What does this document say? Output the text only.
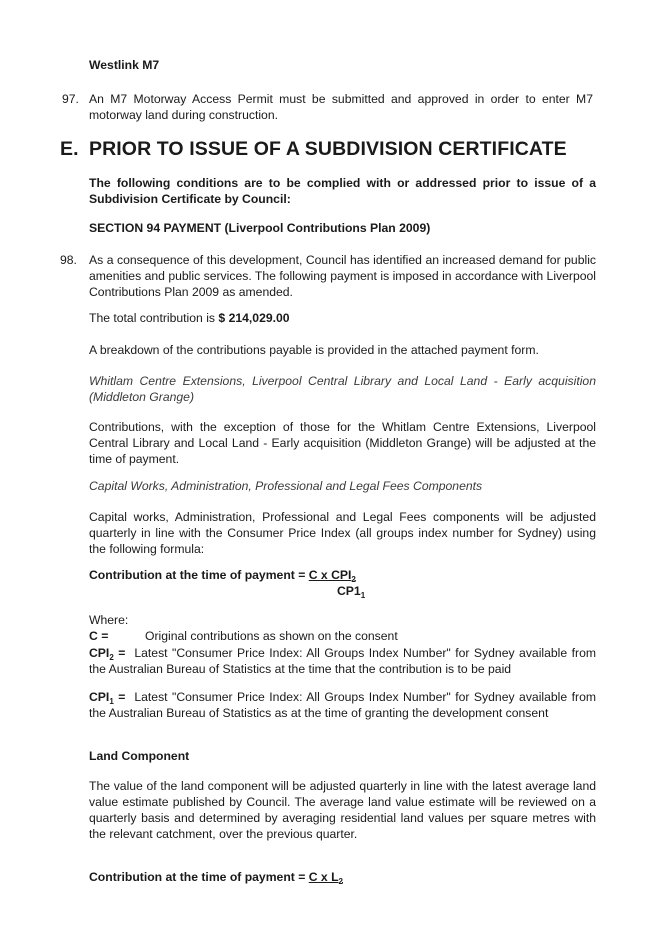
Westlink M7
97. An M7 Motorway Access Permit must be submitted and approved in order to enter M7 motorway land during construction.
E. PRIOR TO ISSUE OF A SUBDIVISION CERTIFICATE
The following conditions are to be complied with or addressed prior to issue of a Subdivision Certificate by Council:
SECTION 94 PAYMENT (Liverpool Contributions Plan 2009)
98. As a consequence of this development, Council has identified an increased demand for public amenities and public services. The following payment is imposed in accordance with Liverpool Contributions Plan 2009 as amended.
The total contribution is $ 214,029.00
A breakdown of the contributions payable is provided in the attached payment form.
Whitlam Centre Extensions, Liverpool Central Library and Local Land - Early acquisition (Middleton Grange)
Contributions, with the exception of those for the Whitlam Centre Extensions, Liverpool Central Library and Local Land - Early acquisition (Middleton Grange) will be adjusted at the time of payment.
Capital Works, Administration, Professional and Legal Fees Components
Capital works, Administration, Professional and Legal Fees components will be adjusted quarterly in line with the Consumer Price Index (all groups index number for Sydney) using the following formula:
Contribution at the time of payment = C x $CPI_2$
$CP1_1$
Where:
C =	Original contributions as shown on the consent
$CPI_2$ =  Latest "Consumer Price Index: All Groups Index Number" for Sydney available from the Australian Bureau of Statistics at the time that the contribution is to be paid
$CPI_1$ =  Latest "Consumer Price Index: All Groups Index Number" for Sydney available from the Australian Bureau of Statistics as at the time of granting the development consent
Land Component
The value of the land component will be adjusted quarterly in line with the latest average land value estimate published by Council. The average land value estimate will be reviewed on a quarterly basis and determined by averaging residential land values per square metres with the relevant catchment, over the previous quarter.
Contribution at the time of payment = C x $L_2$
